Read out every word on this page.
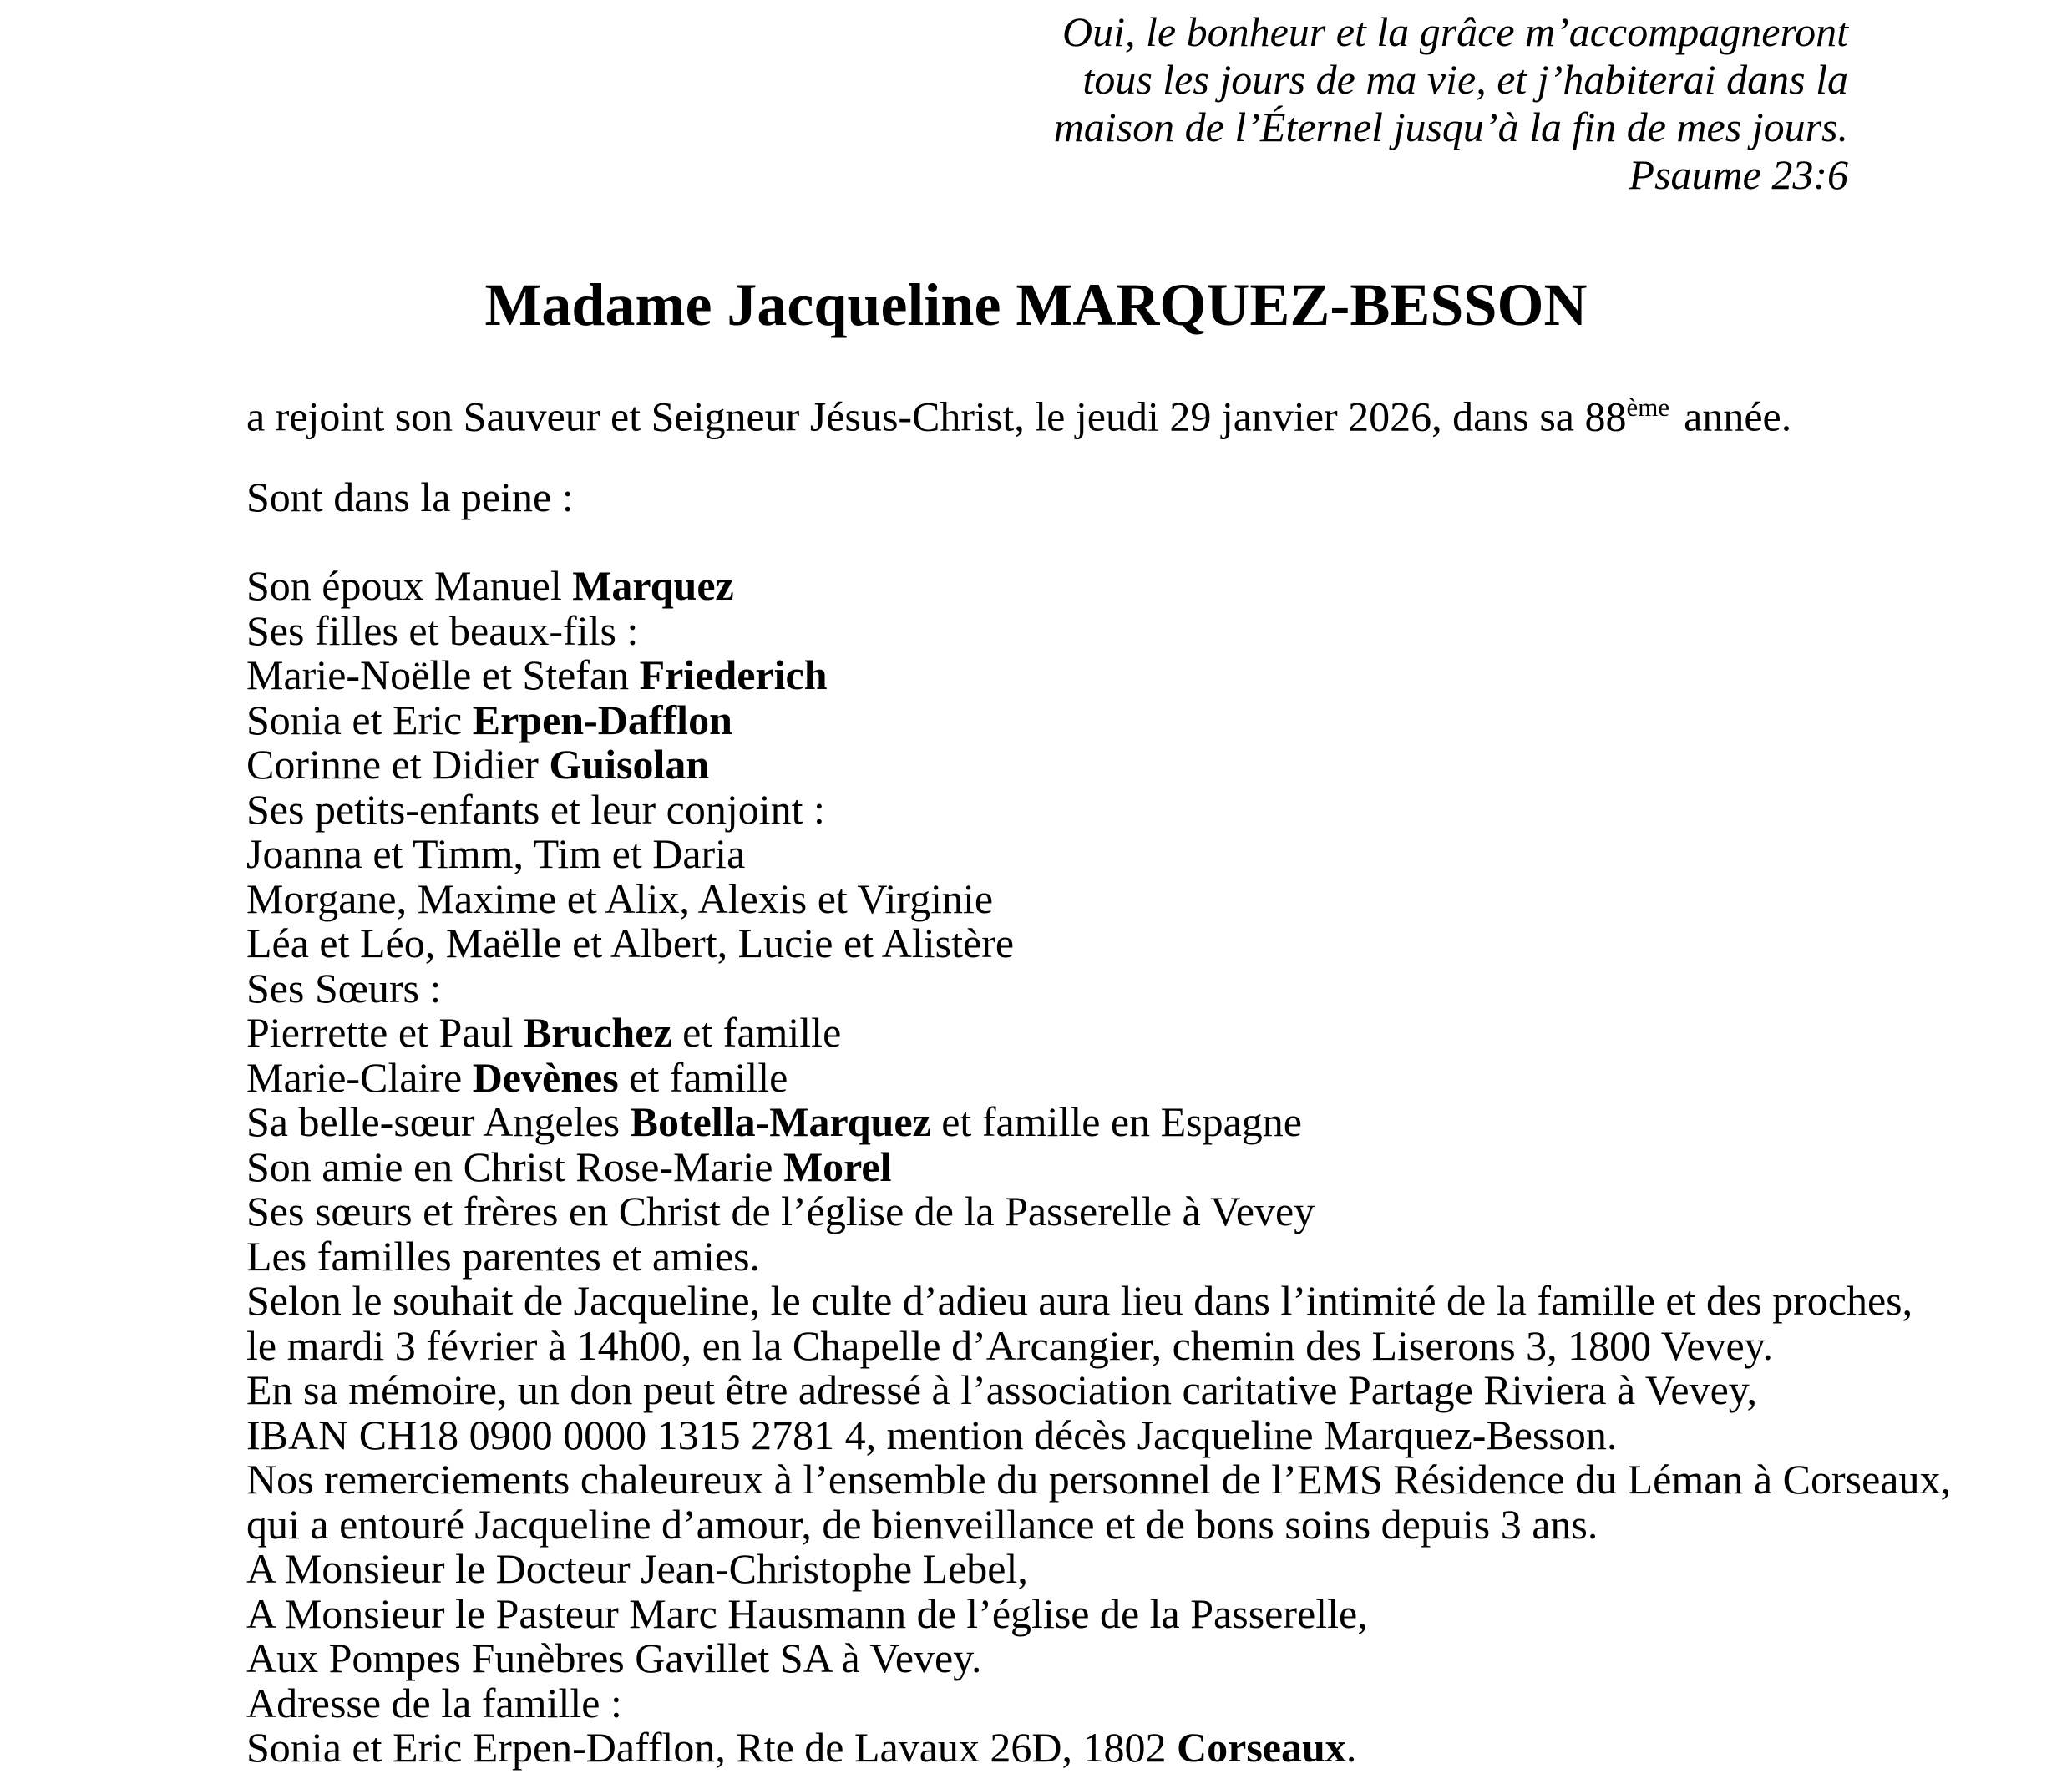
Oui, le bonheur et la grâce m’accompagneront
tous les jours de ma vie, et j’habiterai dans la
maison de l’Éternel jusqu’à la fin de mes jours.
Psaume 23:6
Madame Jacqueline MARQUEZ-BESSON
a rejoint son Sauveur et Seigneur Jésus-Christ, le jeudi 29 janvier 2026, dans sa 88ème année.
Sont dans la peine :
Son époux Manuel Marquez
Ses filles et beaux-fils :
Marie-Noëlle et Stefan Friederich
Sonia et Eric Erpen-Dafflon
Corinne et Didier Guisolan
Ses petits-enfants et leur conjoint :
Joanna et Timm, Tim et Daria
Morgane, Maxime et Alix, Alexis et Virginie
Léa et Léo, Maëlle et Albert, Lucie et Alistère
Ses Sœurs :
Pierrette et Paul Bruchez et famille
Marie-Claire Devènes et famille
Sa belle-sœur Angeles Botella-Marquez et famille en Espagne
Son amie en Christ Rose-Marie Morel
Ses sœurs et frères en Christ de l’église de la Passerelle à Vevey
Les familles parentes et amies.
Selon le souhait de Jacqueline, le culte d’adieu aura lieu dans l’intimité de la famille et des proches,
le mardi 3 février à 14h00, en la Chapelle d’Arcangier, chemin des Liserons 3, 1800 Vevey.
En sa mémoire, un don peut être adressé à l’association caritative Partage Riviera à Vevey,
IBAN CH18 0900 0000 1315 2781 4, mention décès Jacqueline Marquez-Besson.
Nos remerciements chaleureux à l’ensemble du personnel de l’EMS Résidence du Léman à Corseaux,
qui a entouré Jacqueline d’amour, de bienveillance et de bons soins depuis 3 ans.
A Monsieur le Docteur Jean-Christophe Lebel,
A Monsieur le Pasteur Marc Hausmann de l’église de la Passerelle,
Aux Pompes Funèbres Gavillet SA à Vevey.
Adresse de la famille :
Sonia et Eric Erpen-Dafflon, Rte de Lavaux 26D, 1802 Corseaux.
